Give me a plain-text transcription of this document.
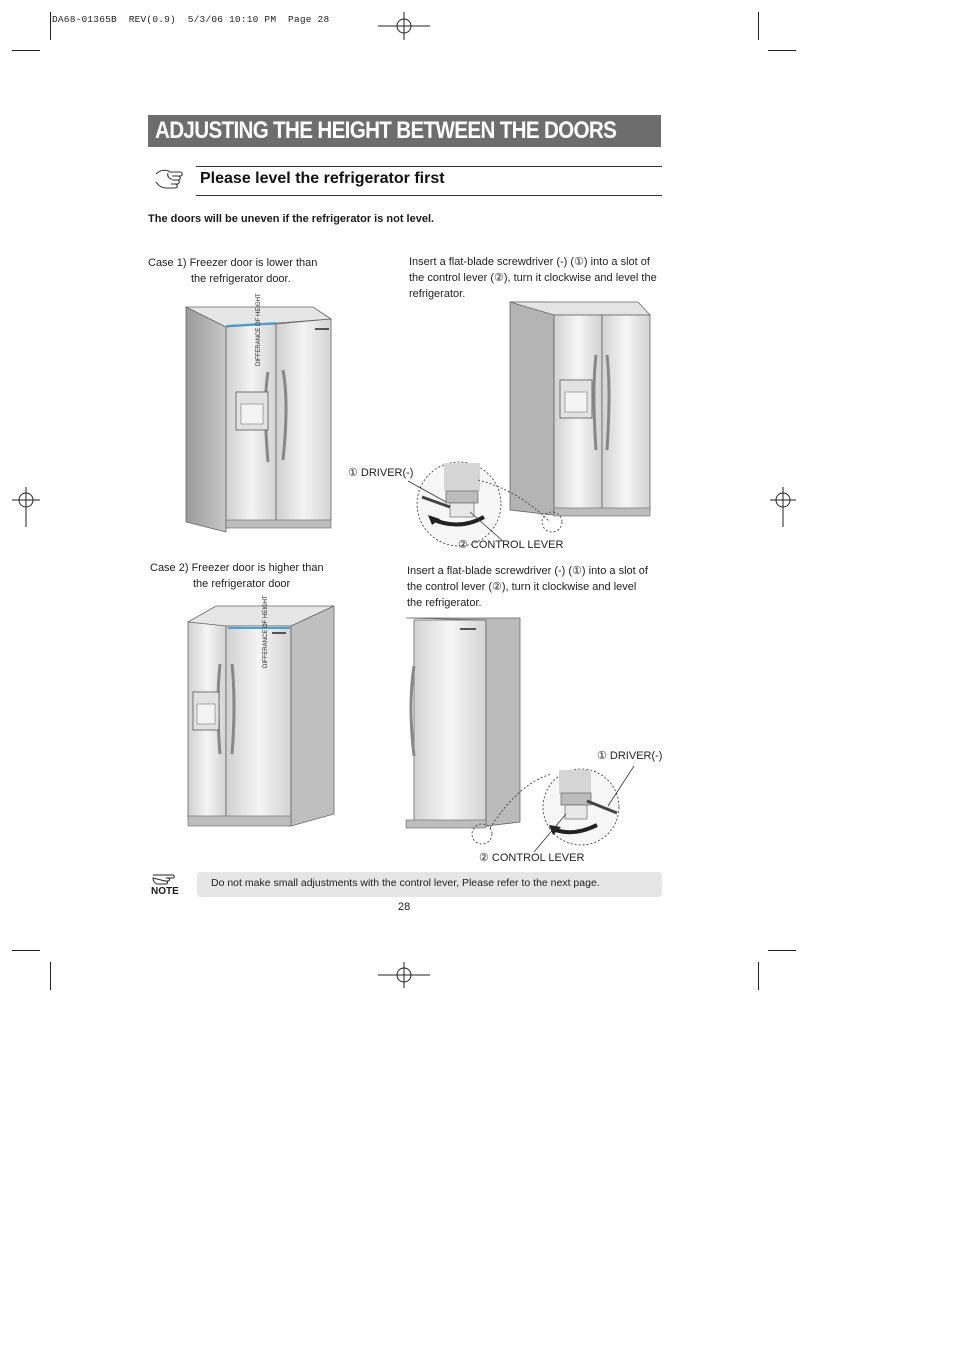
DA68-01365B  REV(0.9)  5/3/06 10:10 PM  Page 28
ADJUSTING THE HEIGHT BETWEEN THE DOORS
Please level the refrigerator first
The doors will be uneven if the refrigerator is not level.
Case 1) Freezer door is lower than
the refrigerator door.
Insert a flat-blade screwdriver (-) (①) into a slot of
the control lever (②), turn it clockwise and level the
refrigerator.
DIFFERANCE OF HEIGHT
① DRIVER(-)
② CONTROL LEVER
Case 2) Freezer door is higher than
the refrigerator door
Insert a flat-blade screwdriver (-) (①) into a slot of
the control lever (②), turn it clockwise and level
the refrigerator.
DIFFERANCE OF HEIGHT
① DRIVER(-)
② CONTROL LEVER
NOTE
Do not make small adjustments with the control lever, Please refer to the next page.
28
